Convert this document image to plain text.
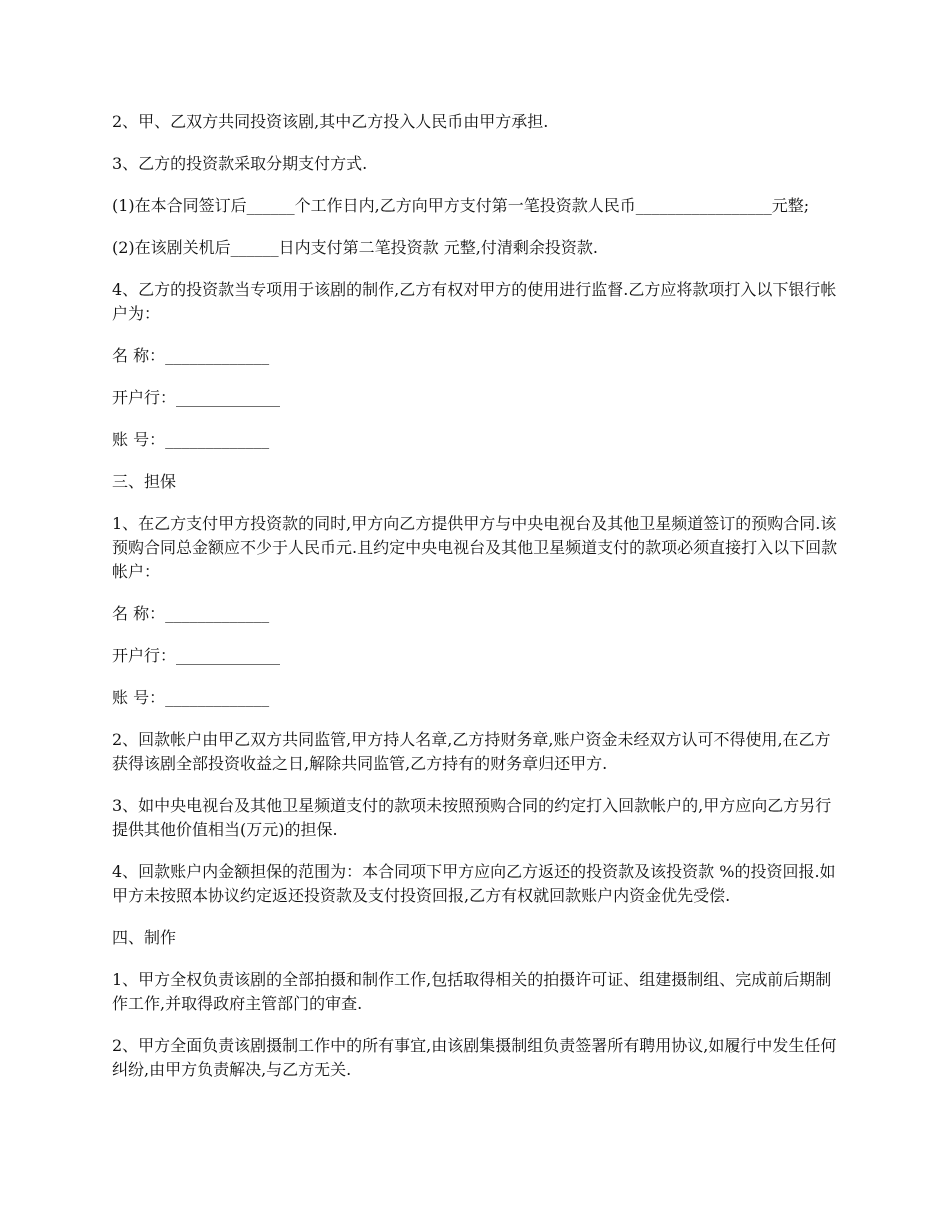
2、甲、乙双方共同投资该剧,其中乙方投入人民币由甲方承担.

3、乙方的投资款采取分期支付方式.

(1)在本合同签订后______个工作日内,乙方向甲方支付第一笔投资款人民币_________________元整;

(2)在该剧关机后______日内支付第二笔投资款 元整,付清剩余投资款.

4、乙方的投资款当专项用于该剧的制作,乙方有权对甲方的使用进行监督.乙方应将款项打入以下银行帐户为：

名 称：_____________

开户行：_____________

账 号：_____________

三、担保

1、在乙方支付甲方投资款的同时,甲方向乙方提供甲方与中央电视台及其他卫星频道签订的预购合同.该预购合同总金额应不少于人民币元.且约定中央电视台及其他卫星频道支付的款项必须直接打入以下回款帐户：

名 称：_____________

开户行：_____________

账 号：_____________

2、回款帐户由甲乙双方共同监管,甲方持人名章,乙方持财务章,账户资金未经双方认可不得使用,在乙方获得该剧全部投资收益之日,解除共同监管,乙方持有的财务章归还甲方.

3、如中央电视台及其他卫星频道支付的款项未按照预购合同的约定打入回款帐户的,甲方应向乙方另行提供其他价值相当(万元)的担保.

4、回款账户内金额担保的范围为：本合同项下甲方应向乙方返还的投资款及该投资款 %的投资回报.如甲方未按照本协议约定返还投资款及支付投资回报,乙方有权就回款账户内资金优先受偿.

四、制作

1、甲方全权负责该剧的全部拍摄和制作工作,包括取得相关的拍摄许可证、组建摄制组、完成前后期制作工作,并取得政府主管部门的审查.

2、甲方全面负责该剧摄制工作中的所有事宜,由该剧集摄制组负责签署所有聘用协议,如履行中发生任何纠纷,由甲方负责解决,与乙方无关.
